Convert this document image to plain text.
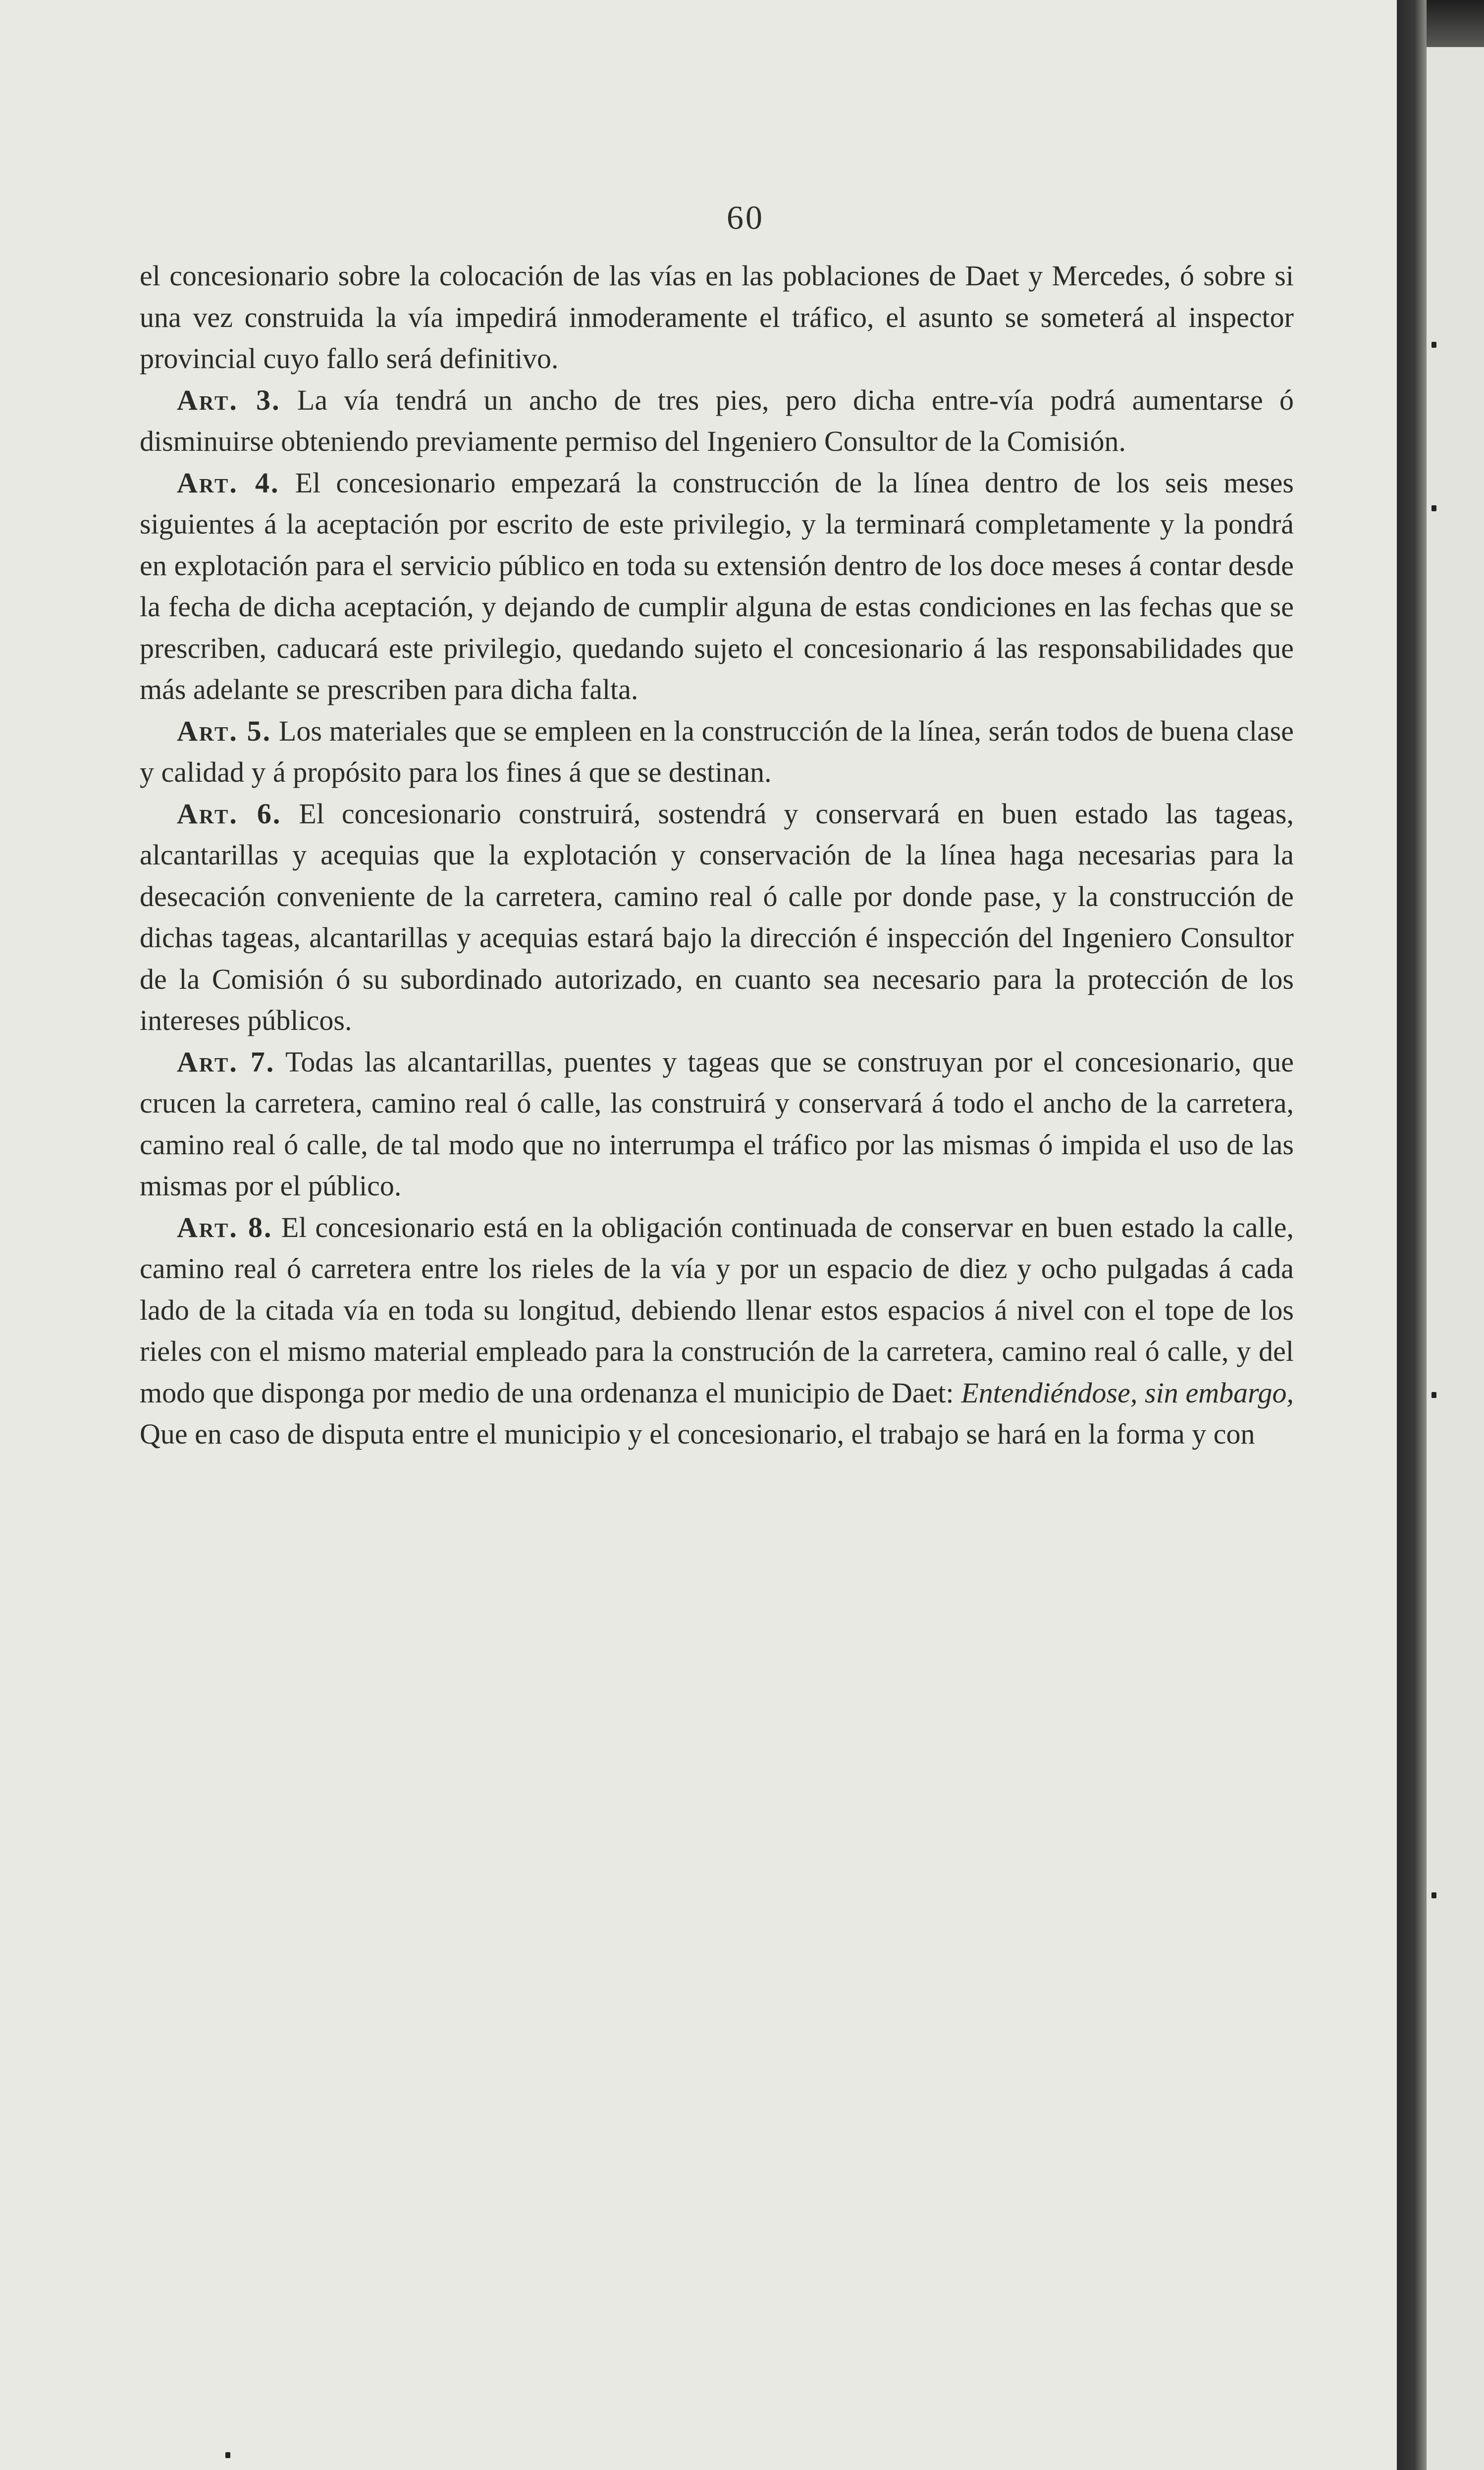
60

el concesionario sobre la colocación de las vías en las poblaciones de Daet y Mercedes, ó sobre si una vez construida la vía impedirá inmoderamente el tráfico, el asunto se someterá al inspector provincial cuyo fallo será definitivo.

Art. 3. La vía tendrá un ancho de tres pies, pero dicha entre-vía podrá aumentarse ó disminuirse obteniendo previamente permiso del Ingeniero Consultor de la Comisión.

Art. 4. El concesionario empezará la construcción de la línea dentro de los seis meses siguientes á la aceptación por escrito de este privilegio, y la terminará completamente y la pondrá en explotación para el servicio público en toda su extensión dentro de los doce meses á contar desde la fecha de dicha aceptación, y dejando de cumplir alguna de estas condiciones en las fechas que se prescriben, caducará este privilegio, quedando sujeto el concesionario á las responsabilidades que más adelante se prescriben para dicha falta.

Art. 5. Los materiales que se empleen en la construcción de la línea, serán todos de buena clase y calidad y á propósito para los fines á que se destinan.

Art. 6. El concesionario construirá, sostendrá y conservará en buen estado las tageas, alcantarillas y acequias que la explotación y conservación de la línea haga necesarias para la desecación conveniente de la carretera, camino real ó calle por donde pase, y la construcción de dichas tageas, alcantarillas y acequias estará bajo la dirección é inspección del Ingeniero Consultor de la Comisión ó su subordinado autorizado, en cuanto sea necesario para la protección de los intereses públicos.

Art. 7. Todas las alcantarillas, puentes y tageas que se construyan por el concesionario, que crucen la carretera, camino real ó calle, las construirá y conservará á todo el ancho de la carretera, camino real ó calle, de tal modo que no interrumpa el tráfico por las mismas ó impida el uso de las mismas por el público.

Art. 8. El concesionario está en la obligación continuada de conservar en buen estado la calle, camino real ó carretera entre los rieles de la vía y por un espacio de diez y ocho pulgadas á cada lado de la citada vía en toda su longitud, debiendo llenar estos espacios á nivel con el tope de los rieles con el mismo material empleado para la construción de la carretera, camino real ó calle, y del modo que disponga por medio de una ordenanza el municipio de Daet: Entendiéndose, sin embargo, Que en caso de disputa entre el municipio y el concesionario, el trabajo se hará en la forma y con
